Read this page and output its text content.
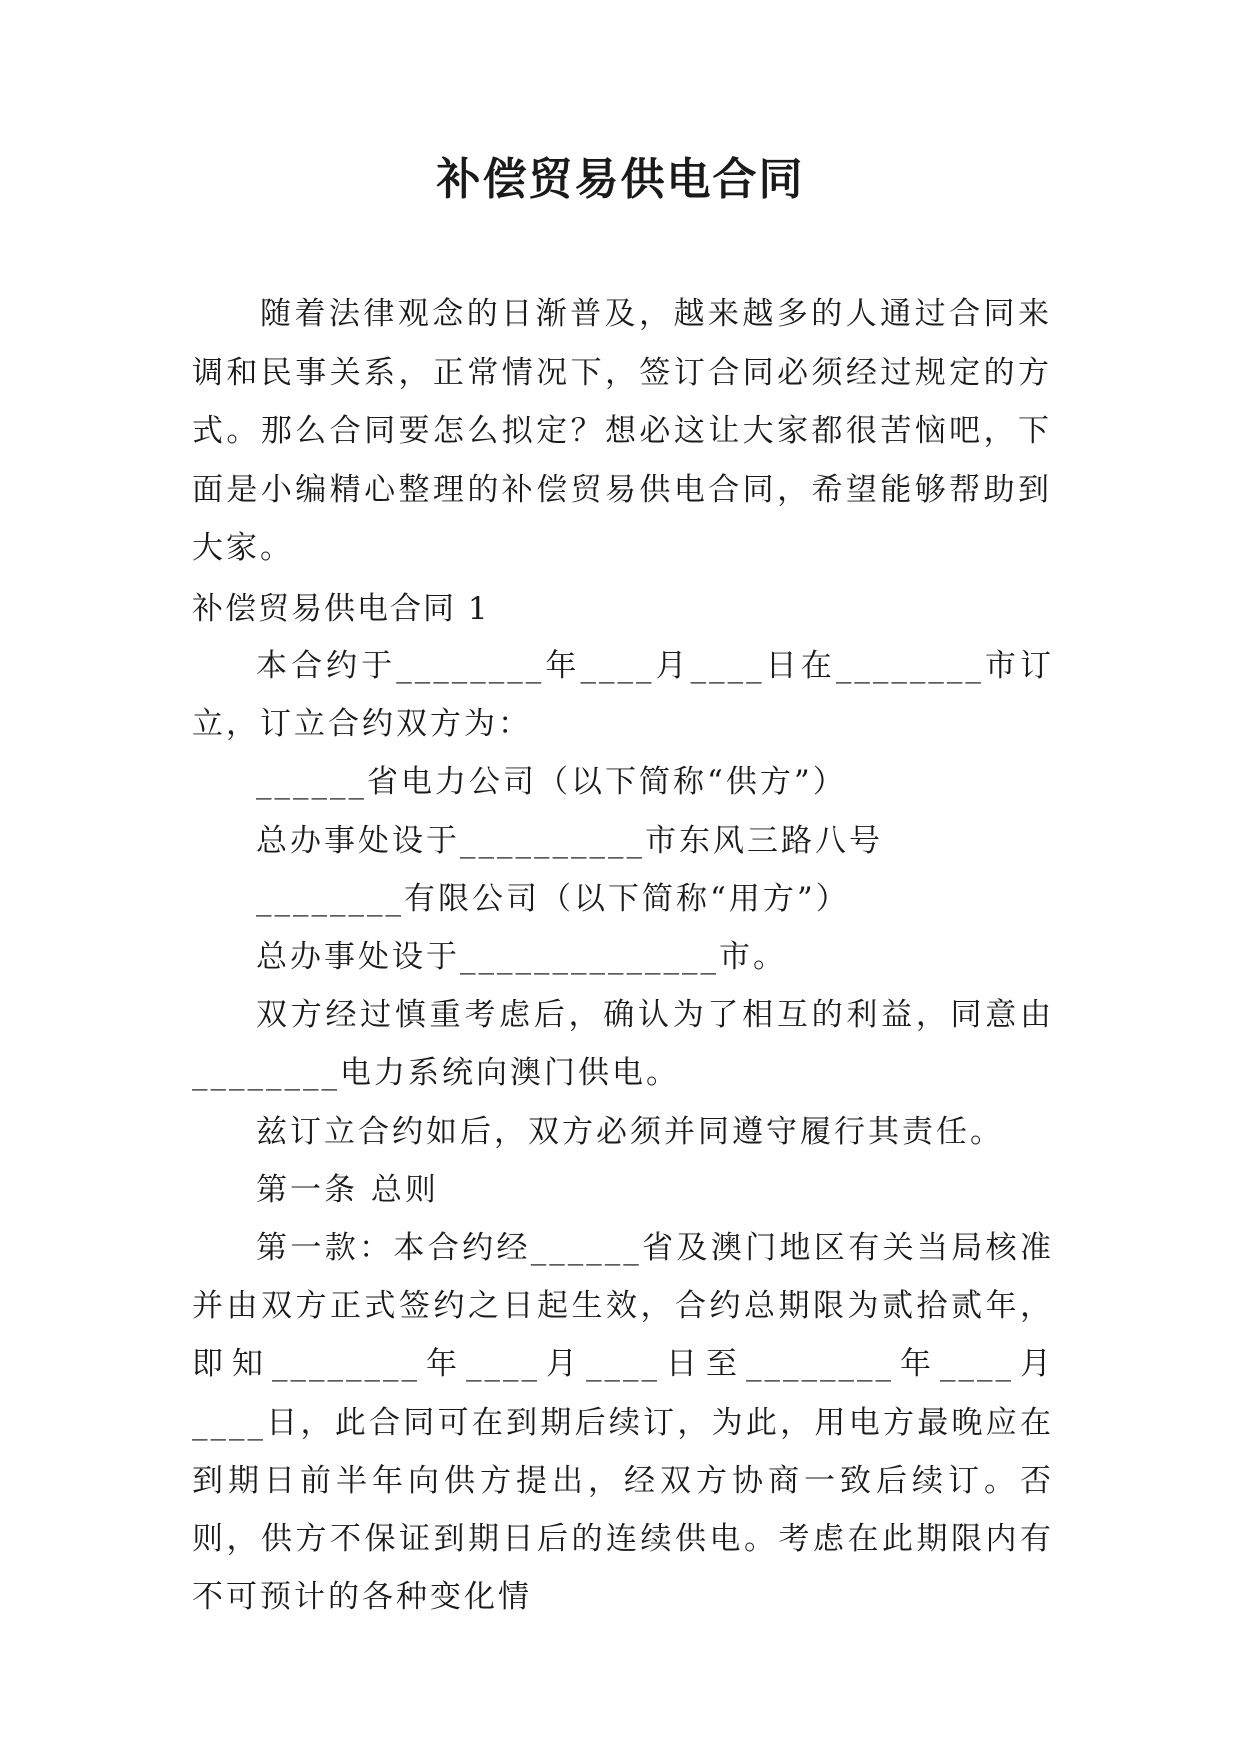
补偿贸易供电合同

随着法律观念的日渐普及，越来越多的人通过合同来调和民事关系，正常情况下，签订合同必须经过规定的方式。那么合同要怎么拟定？想必这让大家都很苦恼吧，下面是小编精心整理的补偿贸易供电合同，希望能够帮助到大家。

补偿贸易供电合同 1

本合约于________年____月____日在________市订立，订立合约双方为：

______省电力公司（以下简称“供方”）

总办事处设于__________市东风三路八号

________有限公司（以下简称“用方”）

总办事处设于______________市。

双方经过慎重考虑后，确认为了相互的利益，同意由________电力系统向澳门供电。

兹订立合约如后，双方必须并同遵守履行其责任。

第一条 总则

第一款：本合约经______省及澳门地区有关当局核准并由双方正式签约之日起生效，合约总期限为贰拾贰年，即知________年____月____日至________年____月____日，此合同可在到期后续订，为此，用电方最晚应在到期日前半年向供方提出，经双方协商一致后续订。否则，供方不保证到期日后的连续供电。考虑在此期限内有不可预计的各种变化情
